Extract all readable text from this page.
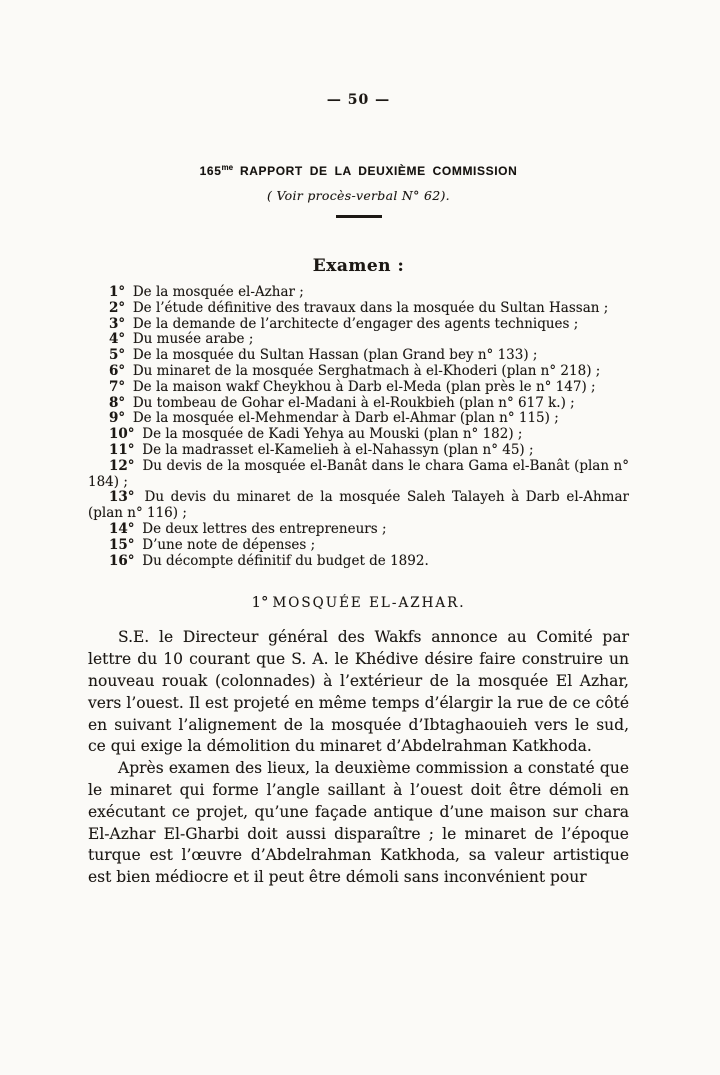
— 50 —
$165^{me}$ RAPPORT DE LA DEUXIÈME COMMISSION
( Voir procès-verbal N° 62).
Examen :
1° De la mosquée el-Azhar ;
2° De l’étude définitive des travaux dans la mosquée du Sultan Hassan ;
3° De la demande de l’architecte d’engager des agents techniques ;
4° Du musée arabe ;
5° De la mosquée du Sultan Hassan (plan Grand bey n° 133) ;
6° Du minaret de la mosquée Serghatmach à el-Khoderi (plan n° 218) ;
7° De la maison wakf Cheykhou à Darb el-Meda (plan près le n° 147) ;
8° Du tombeau de Gohar el-Madani à el-Roukbieh (plan n° 617 k.) ;
9° De la mosquée el-Mehmendar à Darb el-Ahmar (plan n° 115) ;
10° De la mosquée de Kadi Yehya au Mouski (plan n° 182) ;
11° De la madrasset el-Kamelieh à el-Nahassyn (plan n° 45) ;
12° Du devis de la mosquée el-Banât dans le chara Gama el-Banât (plan n° 184) ;
13° Du devis du minaret de la mosquée Saleh Talayeh à Darb el-Ahmar (plan n° 116) ;
14° De deux lettres des entrepreneurs ;
15° D’une note de dépenses ;
16° Du décompte définitif du budget de 1892.
1° MOSQUÉE EL-AZHAR.

S.E. le Directeur général des Wakfs annonce au Comité par lettre du 10 courant que S. A. le Khédive désire faire construire un nouveau rouak (colonnades) à l’extérieur de la mosquée El Azhar, vers l’ouest. Il est projeté en même temps d’élargir la rue de ce côté en suivant l’alignement de la mosquée d’Ibtaghaouieh vers le sud, ce qui exige la démolition du minaret d’Abdelrahman Katkhoda.

Après examen des lieux, la deuxième commission a constaté que le minaret qui forme l’angle saillant à l’ouest doit être démoli en exécutant ce projet, qu’une façade antique d’une maison sur chara El-Azhar El-Gharbi doit aussi disparaître ; le minaret de l’époque turque est l’œuvre d’Abdelrahman Katkhoda, sa valeur artistique est bien médiocre et il peut être démoli sans inconvénient pour
